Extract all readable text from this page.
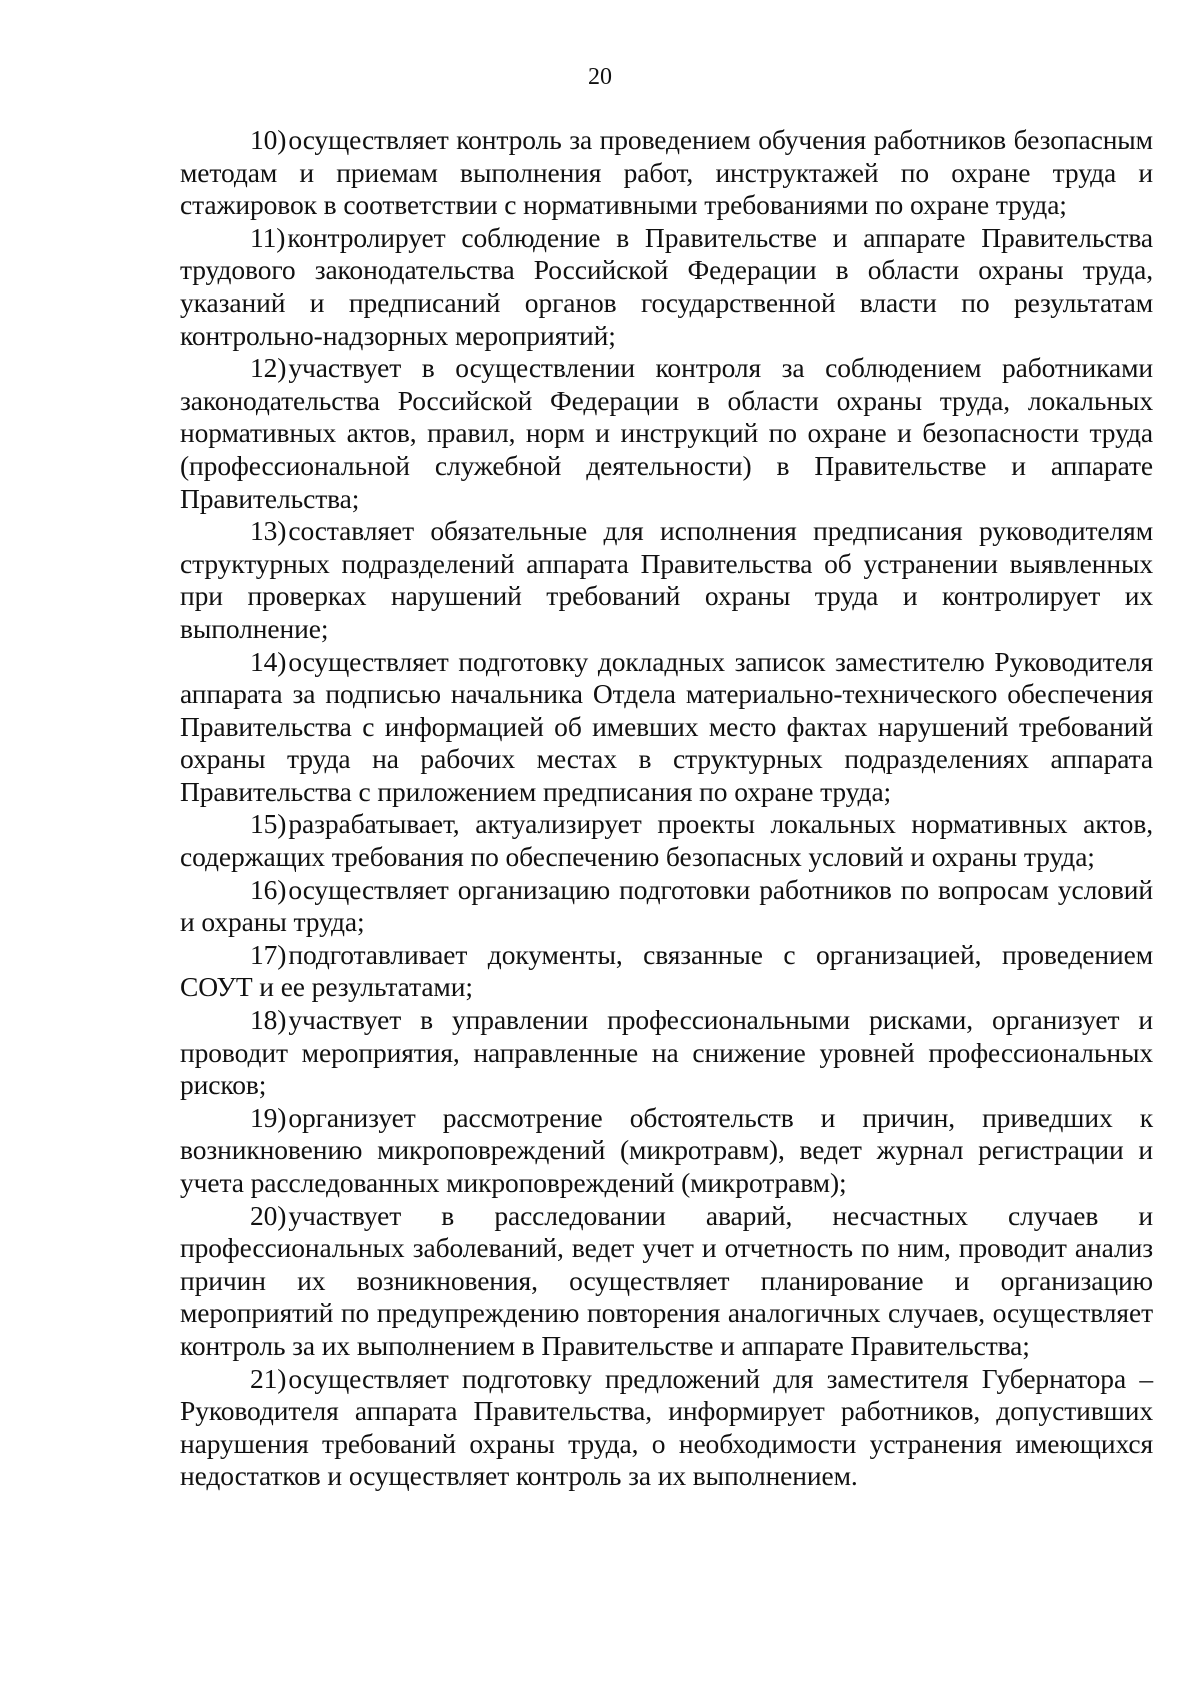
20

10)осуществляет контроль за проведением обучения работников безопасным методам и приемам выполнения работ, инструктажей по охране труда и стажировок в соответствии с нормативными требованиями по охране труда;

11)контролирует соблюдение в Правительстве и аппарате Правительства трудового законодательства Российской Федерации в области охраны труда, указаний и предписаний органов государственной власти по результатам контрольно-надзорных мероприятий;

12)участвует в осуществлении контроля за соблюдением работниками законодательства Российской Федерации в области охраны труда, локальных нормативных актов, правил, норм и инструкций по охране и безопасности труда (профессиональной служебной деятельности) в Правительстве и аппарате Правительства;

13)составляет обязательные для исполнения предписания руководителям структурных подразделений аппарата Правительства об устранении выявленных при проверках нарушений требований охраны труда и контролирует их выполнение;

14)осуществляет подготовку докладных записок заместителю Руководителя аппарата за подписью начальника Отдела материально-технического обеспечения Правительства с информацией об имевших место фактах нарушений требований охраны труда на рабочих местах в структурных подразделениях аппарата Правительства с приложением предписания по охране труда;

15)разрабатывает, актуализирует проекты локальных нормативных актов, содержащих требования по обеспечению безопасных условий и охраны труда;

16)осуществляет организацию подготовки работников по вопросам условий и охраны труда;

17)подготавливает документы, связанные с организацией, проведением СОУТ и ее результатами;

18)участвует в управлении профессиональными рисками, организует и проводит мероприятия, направленные на снижение уровней профессиональных рисков;

19)организует рассмотрение обстоятельств и причин, приведших к возникновению микроповреждений (микротравм), ведет журнал регистрации и учета расследованных микроповреждений (микротравм);

20)участвует в расследовании аварий, несчастных случаев и профессиональных заболеваний, ведет учет и отчетность по ним, проводит анализ причин их возникновения, осуществляет планирование и организацию мероприятий по предупреждению повторения аналогичных случаев, осуществляет контроль за их выполнением в Правительстве и аппарате Правительства;

21)осуществляет подготовку предложений для заместителя Губернатора – Руководителя аппарата Правительства, информирует работников, допустивших нарушения требований охраны труда, о необходимости устранения имеющихся недостатков и осуществляет контроль за их выполнением.
